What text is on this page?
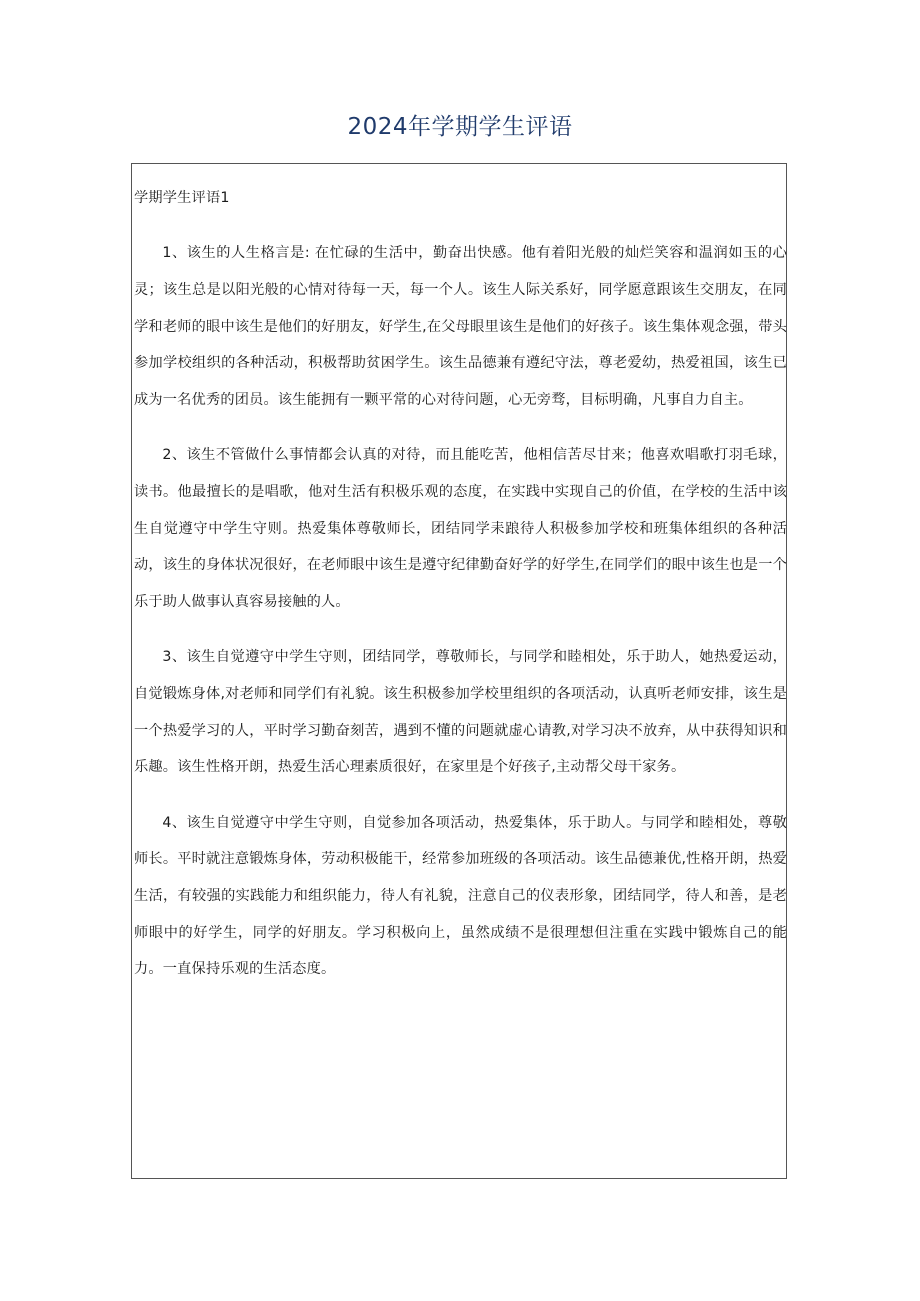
2024年学期学生评语
学期学生评语1

1、该生的人生格言是: 在忙碌的生活中，勤奋出快感。他有着阳光般的灿烂笑容和温润如玉的心灵；该生总是以阳光般的心情对待每一天，每一个人。该生人际关系好，同学愿意跟该生交朋友，在同学和老师的眼中该生是他们的好朋友，好学生,在父母眼里该生是他们的好孩子。该生集体观念强，带头参加学校组织的各种活动，积极帮助贫困学生。该生品德兼有遵纪守法，尊老爱幼，热爱祖国，该生已成为一名优秀的团员。该生能拥有一颗平常的心对待问题，心无旁骛，目标明确，凡事自力自主。

2、该生不管做什么事情都会认真的对待，而且能吃苦，他相信苦尽甘来；他喜欢唱歌打羽毛球，读书。他最擅长的是唱歌，他对生活有积极乐观的态度，在实践中实现自己的价值，在学校的生活中该生自觉遵守中学生守则。热爱集体尊敬师长，团结同学耒踉待人积极参加学校和班集体组织的各种活动，该生的身体状况很好，在老师眼中该生是遵守纪律勤奋好学的好学生,在同学们的眼中该生也是一个乐于助人做事认真容易接触的人。

3、该生自觉遵守中学生守则，团结同学，尊敬师长，与同学和睦相处，乐于助人，她热爱运动，自觉锻炼身体,对老师和同学们有礼貌。该生积极参加学校里组织的各项活动，认真听老师安排，该生是一个热爱学习的人，平时学习勤奋刻苦，遇到不懂的问题就虚心请教,对学习决不放弃，从中获得知识和乐趣。该生性格开朗，热爱生活心理素质很好，在家里是个好孩子,主动帮父母干家务。

4、该生自觉遵守中学生守则，自觉参加各项活动，热爱集体，乐于助人。与同学和睦相处，尊敬师长。平时就注意锻炼身体，劳动积极能干，经常参加班级的各项活动。该生品德兼优,性格开朗，热爱生活，有较强的实践能力和组织能力，待人有礼貌，注意自己的仪表形象，团结同学，待人和善，是老师眼中的好学生，同学的好朋友。学习积极向上，虽然成绩不是很理想但注重在实践中锻炼自己的能力。一直保持乐观的生活态度。
